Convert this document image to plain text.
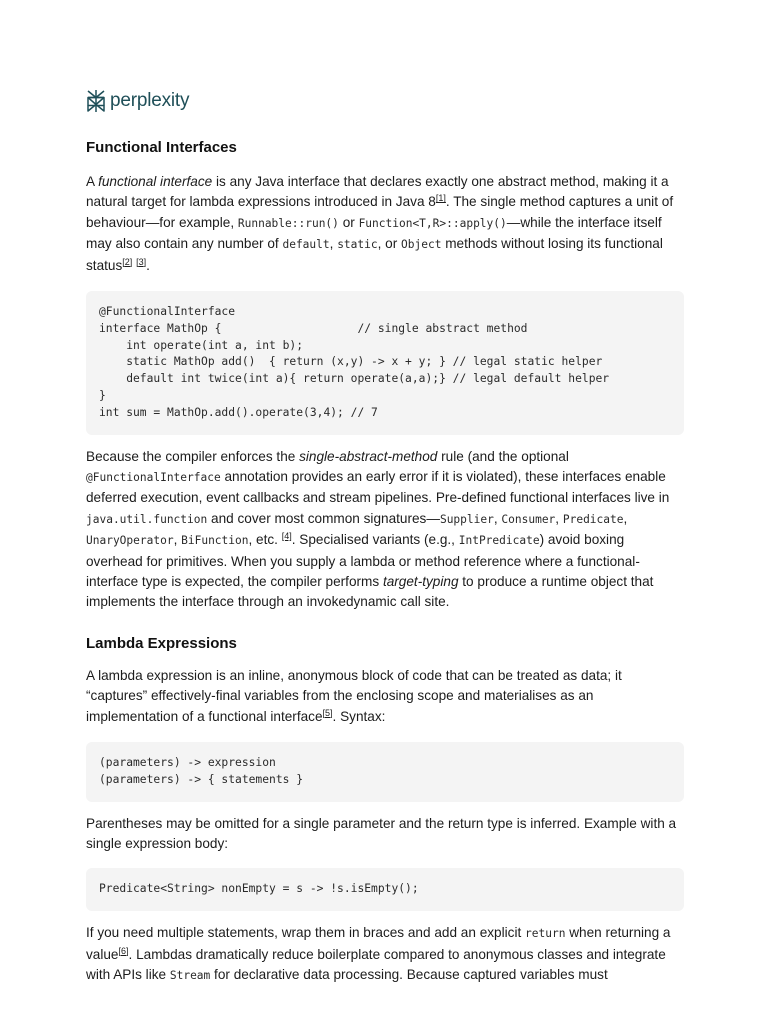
perplexity
Functional Interfaces

A functional interface is any Java interface that declares exactly one abstract method, making it a natural target for lambda expressions introduced in Java 8[1]. The single method captures a unit of behaviour—for example, Runnable::run() or Function<T,R>::apply()—while the interface itself may also contain any number of default, static, or Object methods without losing its functional status[2] [3].

@FunctionalInterface
interface MathOp {                    // single abstract method
int operate(int a, int b);
static MathOp add()  { return (x,y) -> x + y; } // legal static helper
default int twice(int a){ return operate(a,a);} // legal default helper
}
int sum = MathOp.add().operate(3,4); // 7

Because the compiler enforces the single-abstract-method rule (and the optional @FunctionalInterface annotation provides an early error if it is violated), these interfaces enable deferred execution, event callbacks and stream pipelines. Pre-defined functional interfaces live in java.util.function and cover most common signatures—Supplier, Consumer, Predicate, UnaryOperator, BiFunction, etc. [4]. Specialised variants (e.g., IntPredicate) avoid boxing overhead for primitives. When you supply a lambda or method reference where a functional-interface type is expected, the compiler performs target-typing to produce a runtime object that implements the interface through an invokedynamic call site.

Lambda Expressions

A lambda expression is an inline, anonymous block of code that can be treated as data; it “captures” effectively-final variables from the enclosing scope and materialises as an implementation of a functional interface[5]. Syntax:

(parameters) -> expression
(parameters) -> { statements }

Parentheses may be omitted for a single parameter and the return type is inferred. Example with a single expression body:

Predicate<String> nonEmpty = s -> !s.isEmpty();

If you need multiple statements, wrap them in braces and add an explicit return when returning a value[6]. Lambdas dramatically reduce boilerplate compared to anonymous classes and integrate with APIs like Stream for declarative data processing. Because captured variables must
